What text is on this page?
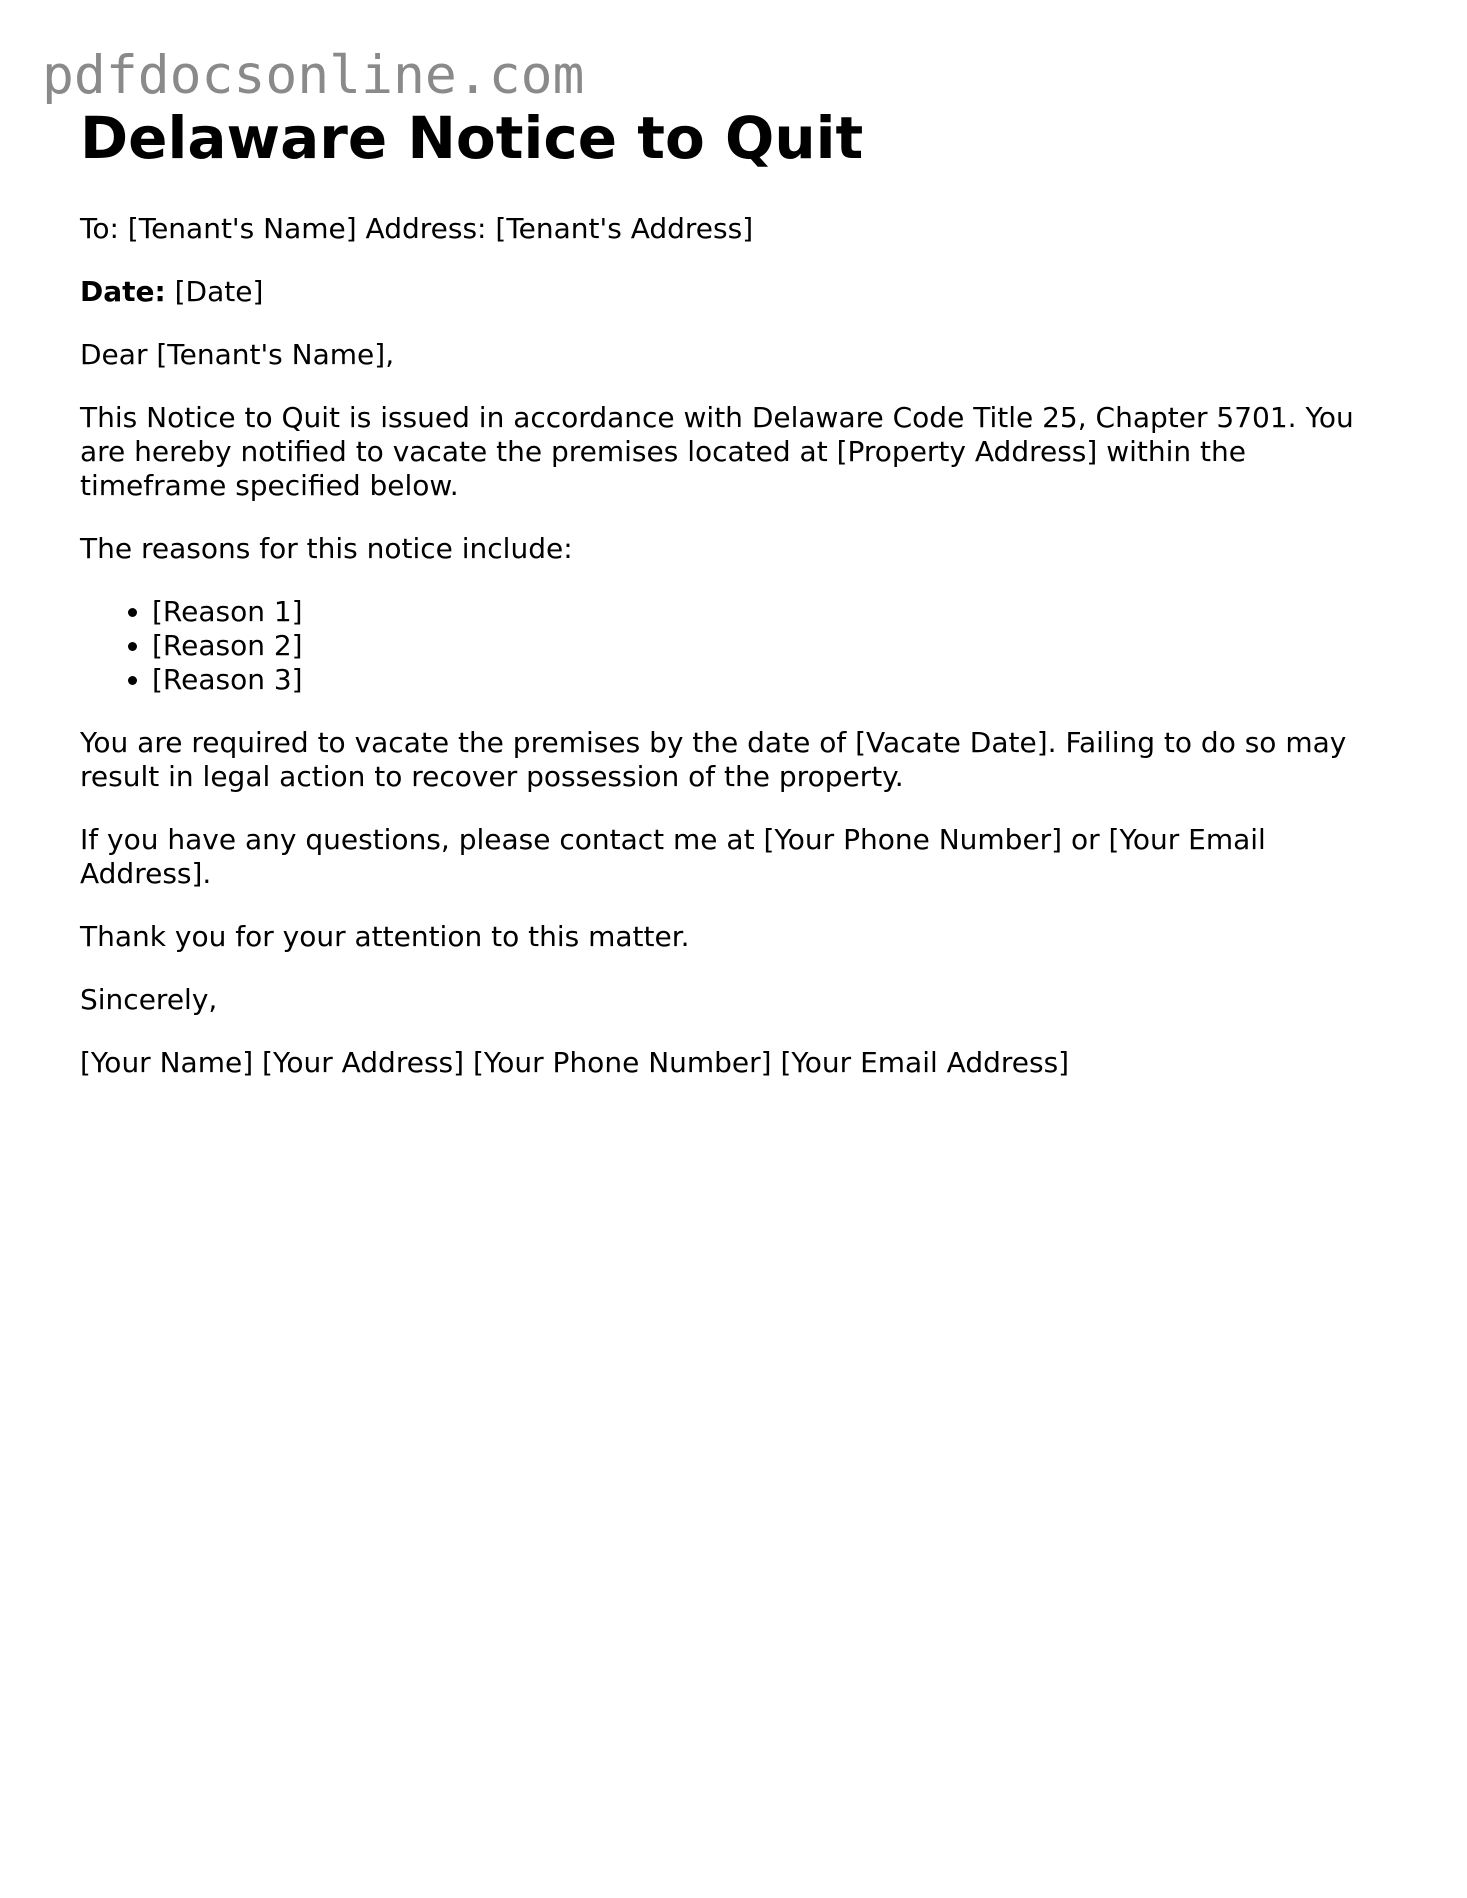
pdfdocsonline.com
Delaware Notice to Quit

To: [Tenant's Name] Address: [Tenant's Address]

Date: [Date]

Dear [Tenant's Name],

This Notice to Quit is issued in accordance with Delaware Code Title 25, Chapter 5701. You are hereby notified to vacate the premises located at [Property Address] within the timeframe specified below.

The reasons for this notice include:

• [Reason 1]
• [Reason 2]
• [Reason 3]

You are required to vacate the premises by the date of [Vacate Date]. Failing to do so may result in legal action to recover possession of the property.

If you have any questions, please contact me at [Your Phone Number] or [Your Email Address].

Thank you for your attention to this matter.

Sincerely,

[Your Name] [Your Address] [Your Phone Number] [Your Email Address]
